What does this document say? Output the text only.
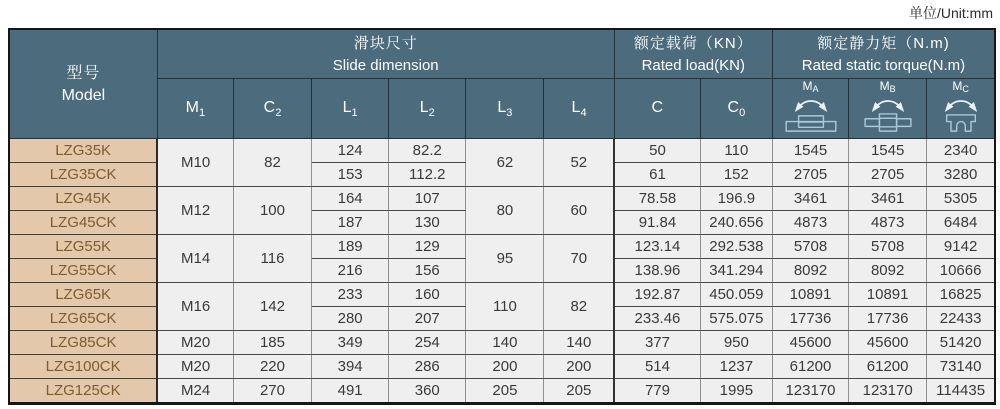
单位/Unit:mm
型号
Model

滑块尺寸
Slide dimension

额定载荷（KN）
Rated load(KN)

额定静力矩（N.m)
Rated static torque(N.m)

	$M_1$	$C_2$	$L_1$	$L_2$	$L_3$	$L_4$	C	$C_0$	MA	MB	MC

LZG35K	M10	82	124	82.2	62	52	50	110	1545	1545	2340
LZG35CK			153	112.2			61	152	2705	2705	3280
LZG45K	M12	100	164	107	80	60	78.58	196.9	3461	3461	5305
LZG45CK			187	130			91.84	240.656	4873	4873	6484
LZG55K	M14	116	189	129	95	70	123.14	292.538	5708	5708	9142
LZG55CK			216	156			138.96	341.294	8092	8092	10666
LZG65K	M16	142	233	160	110	82	192.87	450.059	10891	10891	16825
LZG65CK			280	207			233.46	575.075	17736	17736	22433
LZG85CK	M20	185	349	254	140	140	377	950	45600	45600	51420
LZG100CK	M20	220	394	286	200	200	514	1237	61200	61200	73140
LZG125CK	M24	270	491	360	205	205	779	1995	123170	123170	114435
